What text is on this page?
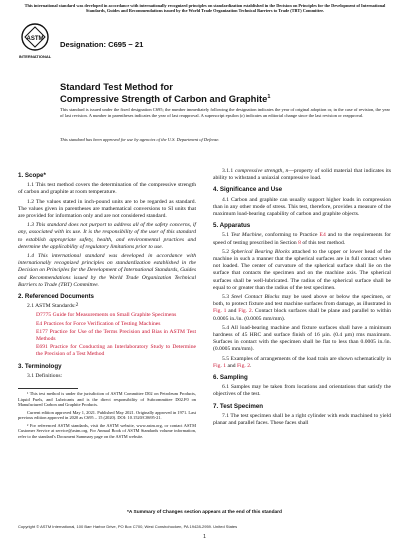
This international standard was developed in accordance with internationally recognized principles on standardization established in the Decision on Principles for the Development of International Standards, Guides and Recommendations issued by the World Trade Organization Technical Barriers to Trade (TBT) Committee.
ASTM
INTERNATIONAL
Designation: C695 − 21
Standard Test Method for
Compressive Strength of Carbon and Graphite$^1$
This standard is issued under the fixed designation C695; the number immediately following the designation indicates the year of original adoption or, in the case of revision, the year of last revision. A number in parentheses indicates the year of last reapproval. A superscript epsilon (ε) indicates an editorial change since the last revision or reapproval.
This standard has been approved for use by agencies of the U.S. Department of Defense.
1. Scope*

1.1 This test method covers the determination of the compressive strength of carbon and graphite at room temperature.

1.2 The values stated in inch-pound units are to be regarded as standard. The values given in parentheses are mathematical conversions to SI units that are provided for information only and are not considered standard.

1.3 This standard does not purport to address all of the safety concerns, if any, associated with its use. It is the responsibility of the user of this standard to establish appropriate safety, health, and environmental practices and determine the applicability of regulatory limitations prior to use.

1.4 This international standard was developed in accordance with internationally recognized principles on standardization established in the Decision on Principles for the Development of International Standards, Guides and Recommendations issued by the World Trade Organization Technical Barriers to Trade (TBT) Committee.

2. Referenced Documents

2.1 ASTM Standards:2

D7775 Guide for Measurements on Small Graphite Specimens

E4 Practices for Force Verification of Testing Machines

E177 Practice for Use of the Terms Precision and Bias in ASTM Test Methods

E691 Practice for Conducting an Interlaboratory Study to Determine the Precision of a Test Method

3. Terminology

3.1 Definitions:

¹ This test method is under the jurisdiction of ASTM Committee D02 on Petroleum Products, Liquid Fuels, and Lubricants and is the direct responsibility of Subcommittee D02.F0 on Manufactured Carbon and Graphite Products.

Current edition approved May 1, 2021. Published May 2021. Originally approved in 1971. Last previous edition approved in 2020 as C695 – 15 (2020). DOI: 10.1520/C0695-21.

² For referenced ASTM standards, visit the ASTM website, www.astm.org, or contact ASTM Customer Service at service@astm.org. For Annual Book of ASTM Standards volume information, refer to the standard's Document Summary page on the ASTM website.

3.1.1 compressive strength, n—property of solid material that indicates its ability to withstand a uniaxial compressive load.

4. Significance and Use

4.1 Carbon and graphite can usually support higher loads in compression than in any other mode of stress. This test, therefore, provides a measure of the maximum load-bearing capability of carbon and graphite objects.

5. Apparatus

5.1 Test Machine, conforming to Practice E4 and to the requirements for speed of testing prescribed in Section 8 of this test method.

5.2 Spherical Bearing Blocks attached to the upper or lower head of the machine in such a manner that the spherical surfaces are in full contact when not loaded. The center of curvature of the spherical surface shall lie on the surface that contacts the specimen and on the machine axis. The spherical surfaces shall be well-lubricated. The radius of the spherical surface shall be equal to or greater than the radius of the test specimen.

5.3 Steel Contact Blocks may be used above or below the specimen, or both, to protect fixture and test machine surfaces from damage, as illustrated in Fig. 1 and Fig. 2. Contact block surfaces shall be plane and parallel to within 0.0005 in./in. (0.0005 mm/mm).

5.4 All load-bearing machine and fixture surfaces shall have a minimum hardness of 45 HRC and surface finish of 16 µin. (0.4 µm) rms maximum. Surfaces in contact with the specimen shall be flat to less than 0.0005 in./in. (0.0005 mm/mm).

5.5 Examples of arrangements of the load train are shown schematically in Fig. 1 and Fig. 2.

6. Sampling

6.1 Samples may be taken from locations and orientations that satisfy the objectives of the test.

7. Test Specimen

7.1 The test specimen shall be a right cylinder with ends machined to yield planar and parallel faces. These faces shall

*A Summary of Changes section appears at the end of this standard
Copyright © ASTM International, 100 Barr Harbor Drive, PO Box C700, West Conshohocken, PA 19428-2959. United States
1
